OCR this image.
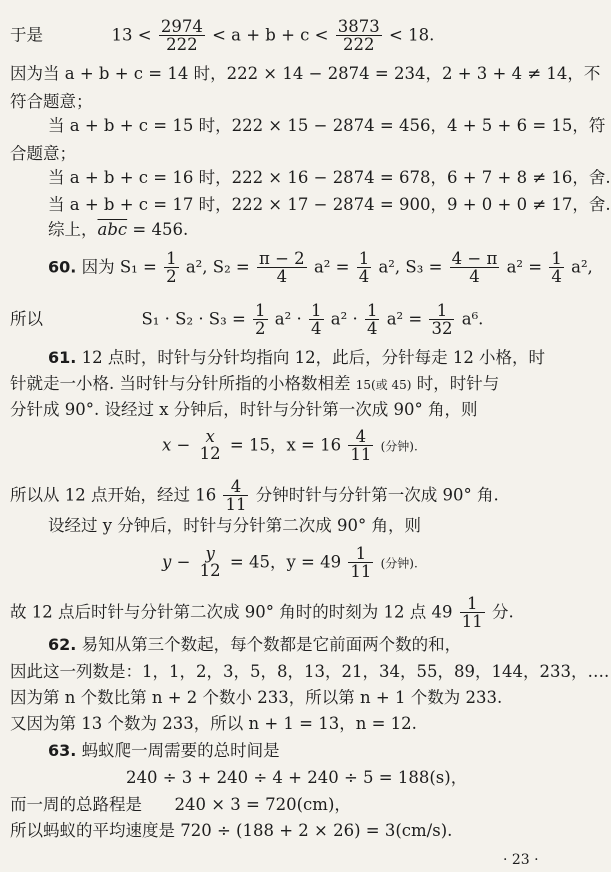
于是	$13 < \frac{2974}{222} < a + b + c < \frac{3873}{222} < 18$.
因为当 a + b + c = 14 时，222 × 14 − 2874 = 234，2 + 3 + 4 ≠ 14，不
符合题意；
当 a + b + c = 15 时，222 × 15 − 2874 = 456，4 + 5 + 6 = 15，符
合题意；
当 a + b + c = 16 时，222 × 16 − 2874 = 678，6 + 7 + 8 ≠ 16，舍.
当 a + b + c = 17 时，222 × 17 − 2874 = 900，9 + 0 + 0 ≠ 17，舍.
综上，$\overline{abc} = 456$.
60. 因为 $S_1 = \frac{1}{2} a^2$, $S_2 = \frac{\pi - 2}{4} a^2 = \frac{1}{4} a^2$, $S_3 = \frac{4 - \pi}{4} a^2 = \frac{1}{4} a^2$,
所以	$S_1 \cdot S_2 \cdot S_3 = \frac{1}{2} a^2 \cdot \frac{1}{4} a^2 \cdot \frac{1}{4} a^2 = \frac{1}{32} a^6$.
61. 12 点时，时针与分针均指向 12，此后，分针每走 12 小格，时
针就走一小格. 当时针与分针所指的小格数相差 15(或 45) 时，时针与
分针成 90°. 设经过 x 分钟后，时针与分针第一次成 90° 角，则
x − x
12 = 15，$x = 16 \frac{4}{11}$ (分钟).
所以从 12 点开始，经过 $16 \frac{4}{11}$ 分钟时针与分针第一次成 90° 角.
设经过 y 分钟后，时针与分针第二次成 90° 角，则
y − y
12 = 45，$y = 49 \frac{1}{11}$ (分钟).
故 12 点后时针与分针第二次成 90° 角时的时刻为 12 点 $49 \frac{1}{11}$ 分.
62. 易知从第三个数起，每个数都是它前面两个数的和，
因此这一列数是：1，1，2，3，5，8，13，21，34，55，89，144，233，….
因为第 n 个数比第 n + 2 个数小 233，所以第 n + 1 个数为 233.
又因为第 13 个数为 233，所以 n + 1 = 13，n = 12.
63. 蚂蚁爬一周需要的总时间是
240 ÷ 3 + 240 ÷ 4 + 240 ÷ 5 = 188(s)，
而一周的总路程是 240 × 3 = 720(cm)，
所以蚂蚁的平均速度是 720 ÷ (188 + 2 × 26) = 3(cm/s).
· 23 ·
